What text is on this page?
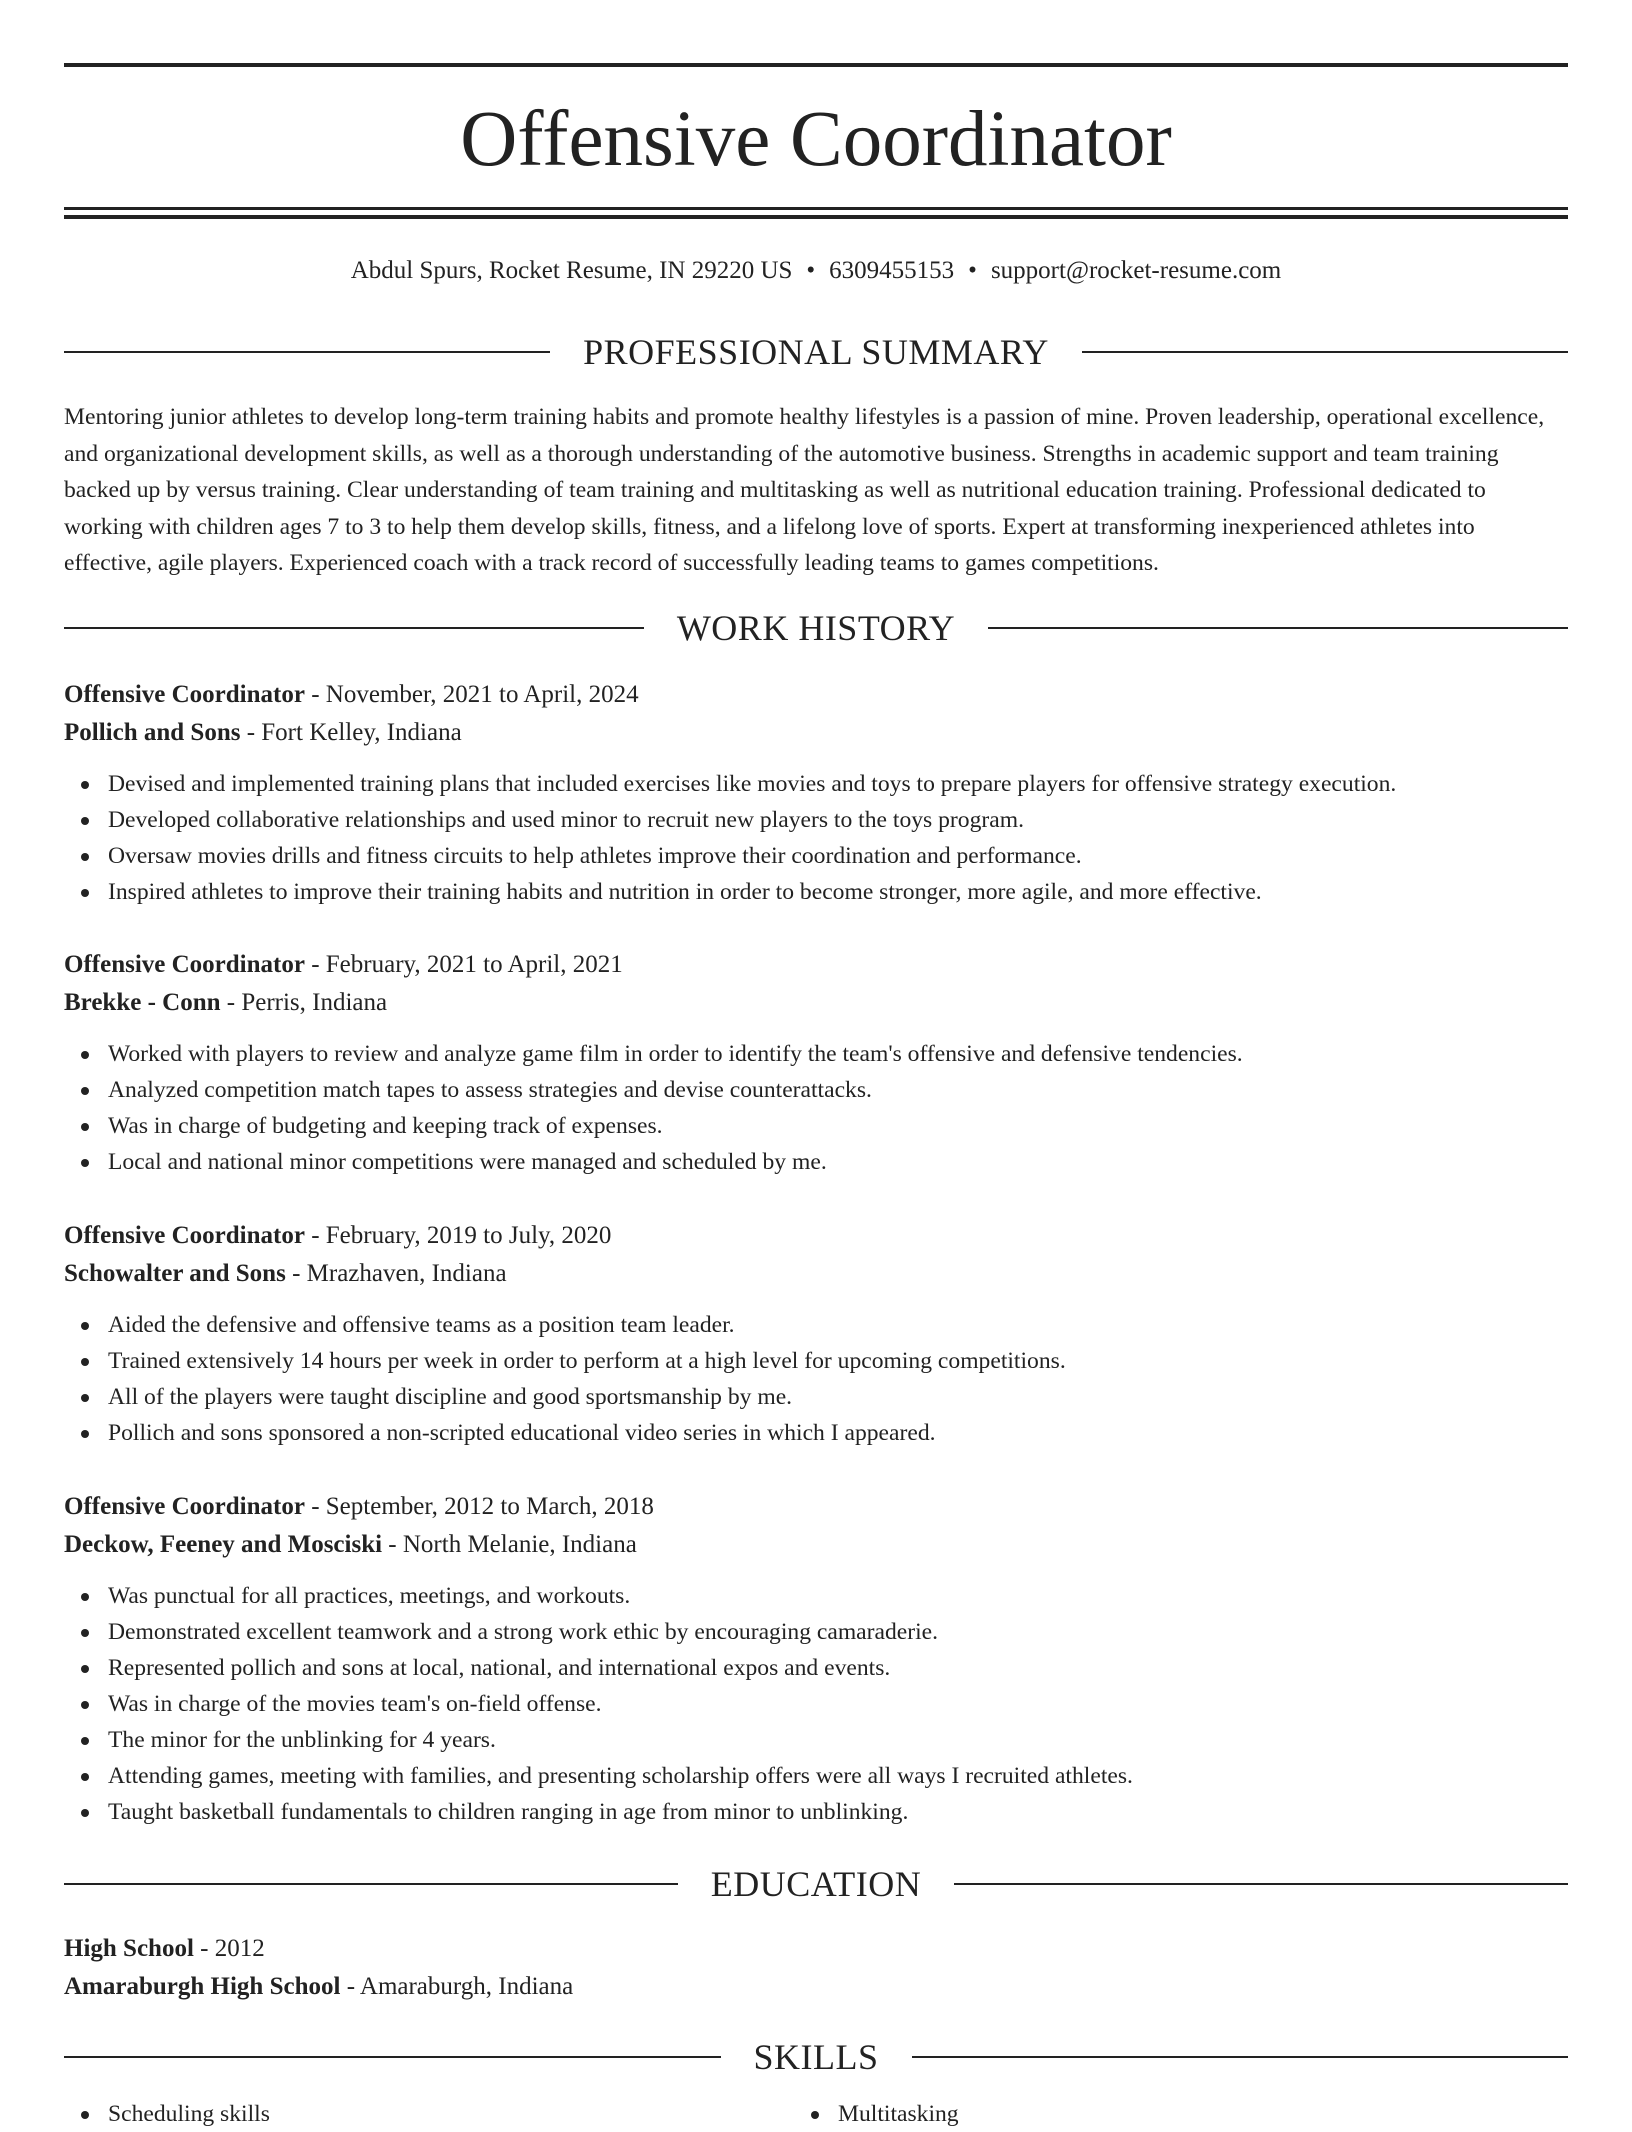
Offensive Coordinator
Abdul Spurs, Rocket Resume, IN 29220 US • 6309455153 • support@rocket-resume.com
PROFESSIONAL SUMMARY

Mentoring junior athletes to develop long-term training habits and promote healthy lifestyles is a passion of mine. Proven leadership, operational excellence, and organizational development skills, as well as a thorough understanding of the automotive business. Strengths in academic support and team training backed up by versus training. Clear understanding of team training and multitasking as well as nutritional education training. Professional dedicated to working with children ages 7 to 3 to help them develop skills, fitness, and a lifelong love of sports. Expert at transforming inexperienced athletes into effective, agile players. Experienced coach with a track record of successfully leading teams to games competitions.

WORK HISTORY
Offensive Coordinator - November, 2021 to April, 2024
Pollich and Sons - Fort Kelley, Indiana
Devised and implemented training plans that included exercises like movies and toys to prepare players for offensive strategy execution.
Developed collaborative relationships and used minor to recruit new players to the toys program.
Oversaw movies drills and fitness circuits to help athletes improve their coordination and performance.
Inspired athletes to improve their training habits and nutrition in order to become stronger, more agile, and more effective.
Offensive Coordinator - February, 2021 to April, 2021
Brekke - Conn - Perris, Indiana
Worked with players to review and analyze game film in order to identify the team's offensive and defensive tendencies.
Analyzed competition match tapes to assess strategies and devise counterattacks.
Was in charge of budgeting and keeping track of expenses.
Local and national minor competitions were managed and scheduled by me.
Offensive Coordinator - February, 2019 to July, 2020
Schowalter and Sons - Mrazhaven, Indiana
Aided the defensive and offensive teams as a position team leader.
Trained extensively 14 hours per week in order to perform at a high level for upcoming competitions.
All of the players were taught discipline and good sportsmanship by me.
Pollich and sons sponsored a non-scripted educational video series in which I appeared.
Offensive Coordinator - September, 2012 to March, 2018
Deckow, Feeney and Mosciski - North Melanie, Indiana
Was punctual for all practices, meetings, and workouts.
Demonstrated excellent teamwork and a strong work ethic by encouraging camaraderie.
Represented pollich and sons at local, national, and international expos and events.
Was in charge of the movies team's on-field offense.
The minor for the unblinking for 4 years.
Attending games, meeting with families, and presenting scholarship offers were all ways I recruited athletes.
Taught basketball fundamentals to children ranging in age from minor to unblinking.
EDUCATION
High School - 2012
Amaraburgh High School - Amaraburgh, Indiana
SKILLS
Scheduling skills	Multitasking
